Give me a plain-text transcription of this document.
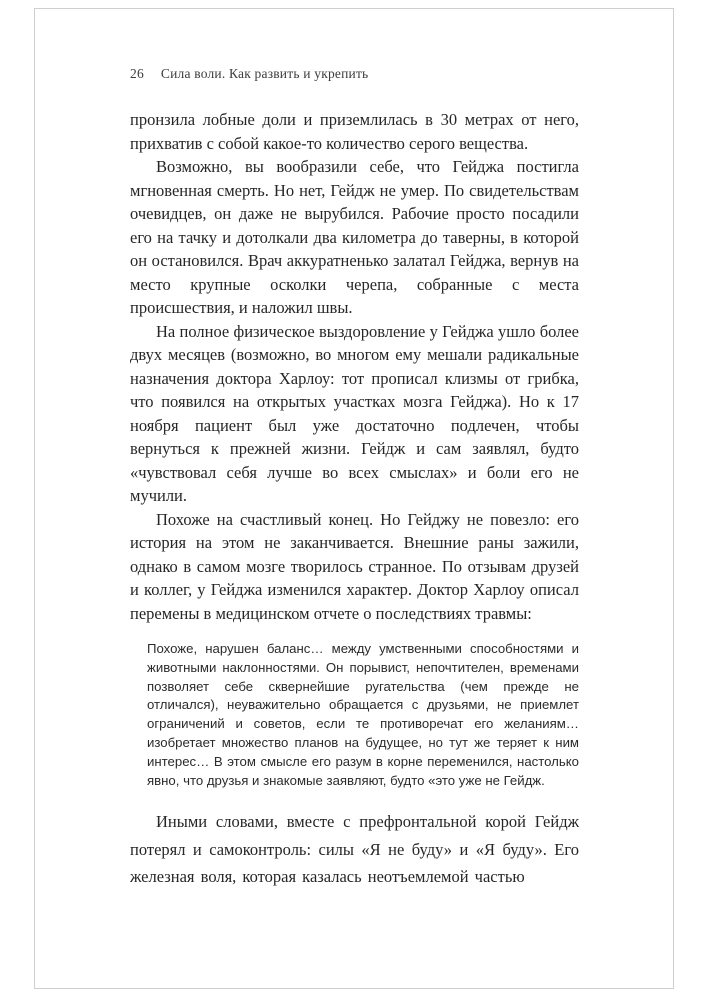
26 Сила воли. Как развить и укрепить

пронзила лобные доли и приземлилась в 30 метрах от него, прихватив с собой какое-то количество серого вещества.

Возможно, вы вообразили себе, что Гейджа постигла мгновенная смерть. Но нет, Гейдж не умер. По свидетельствам очевидцев, он даже не вырубился. Рабочие просто посадили его на тачку и дотолкали два километра до таверны, в которой он остановился. Врач аккуратненько залатал Гейджа, вернув на место крупные осколки черепа, собранные с места происшествия, и наложил швы.

На полное физическое выздоровление у Гейджа ушло более двух месяцев (возможно, во многом ему мешали радикальные назначения доктора Харлоу: тот прописал клизмы от грибка, что появился на открытых участках мозга Гейджа). Но к 17 ноября пациент был уже достаточно подлечен, чтобы вернуться к прежней жизни. Гейдж и сам заявлял, будто «чувствовал себя лучше во всех смыслах» и боли его не мучили.

Похоже на счастливый конец. Но Гейджу не повезло: его история на этом не заканчивается. Внешние раны зажили, однако в самом мозге творилось странное. По отзывам друзей и коллег, у Гейджа изменился характер. Доктор Харлоу описал перемены в медицинском отчете о последствиях травмы:

Похоже, нарушен баланс… между умственными способностями и животными наклонностями. Он порывист, непочтителен, временами позволяет себе сквернейшие ругательства (чем прежде не отличался), неуважительно обращается с друзьями, не приемлет ограничений и советов, если те противоречат его желаниям… изобретает множество планов на будущее, но тут же теряет к ним интерес… В этом смысле его разум в корне переменился, настолько явно, что друзья и знакомые заявляют, будто «это уже не Гейдж.

Иными словами, вместе с префронтальной корой Гейдж потерял и самоконтроль: силы «Я не буду» и «Я буду». Его железная воля, которая казалась неотъемлемой частью
